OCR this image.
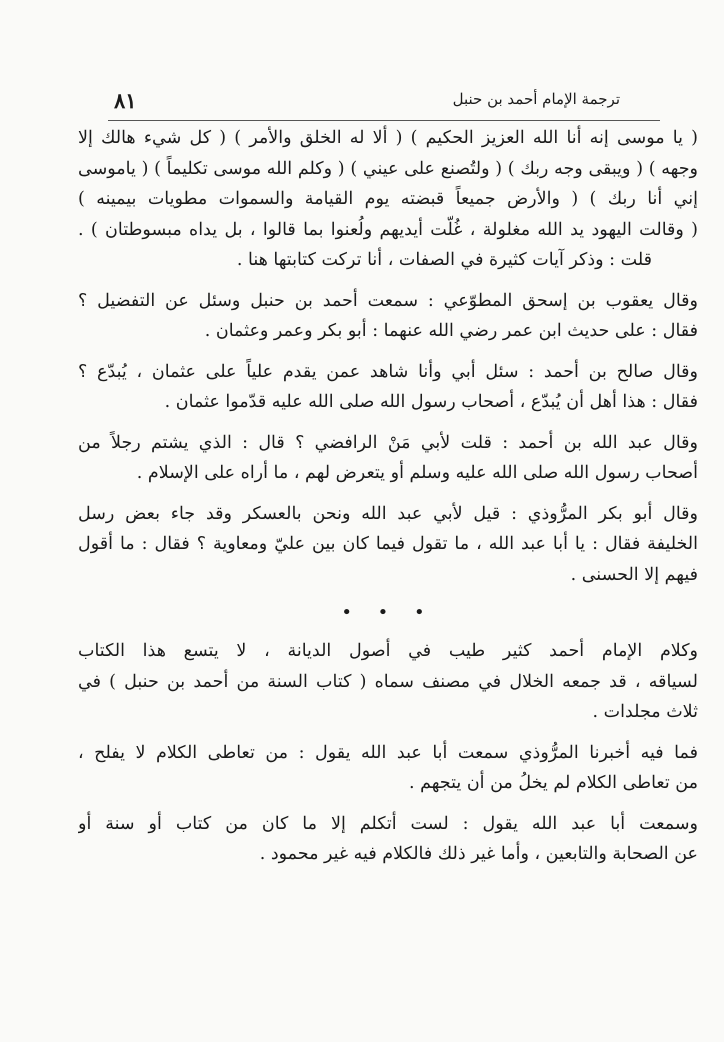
٨١	ترجمة الإمام أحمد بن حنبل
( يا موسى إنه أنا الله العزيز الحكيم ) ( ألا له الخلق والأمر ) ( كل شيء هالك إلا
وجهه ) ( ويبقى وجه ربك ) ( ولتُصنع على عيني ) ( وكلم الله موسى تكليماً ) ( ياموسى
إني أنا ربك ) ( والأرض جميعاً قبضته يوم القيامة والسموات مطويات بيمينه )
( وقالت اليهود يد الله مغلولة ، غُلّت أيديهم ولُعنوا بما قالوا ، بل يداه مبسوطتان ) .
قلت : وذكر آيات كثيرة في الصفات ، أنا تركت كتابتها هنا .
وقال يعقوب بن إسحق المطوّعي : سمعت أحمد بن حنبل وسئل عن التفضيل ؟
فقال : على حديث ابن عمر رضي الله عنهما : أبو بكر وعمر وعثمان .
وقال صالح بن أحمد : سئل أبي وأنا شاهد عمن يقدم علياً على عثمان ، يُبدّع ؟
فقال : هذا أهل أن يُبدّع ، أصحاب رسول الله صلى الله عليه قدّموا عثمان .
وقال عبد الله بن أحمد : قلت لأبي مَنْ الرافضي ؟ قال : الذي يشتم رجلاً من
أصحاب رسول الله صلى الله عليه وسلم أو يتعرض لهم ، ما أراه على الإسلام .
وقال أبو بكر المرُّوذي : قيل لأبي عبد الله ونحن بالعسكر وقد جاء بعض رسل
الخليفة فقال : يا أبا عبد الله ، ما تقول فيما كان بين عليّ ومعاوية ؟ فقال : ما أقول
فيهم إلا الحسنى .
• • •
وكلام الإمام أحمد كثير طيب في أصول الديانة ، لا يتسع هذا الكتاب
لسياقه ، قد جمعه الخلال في مصنف سماه ( كتاب السنة من أحمد بن حنبل ) في
ثلاث مجلدات .
فما فيه أخبرنا المرُّوذي سمعت أبا عبد الله يقول : من تعاطى الكلام لا يفلح ،
من تعاطى الكلام لم يخلُ من أن يتجهم .
وسمعت أبا عبد الله يقول : لست أتكلم إلا ما كان من كتاب أو سنة أو
عن الصحابة والتابعين ، وأما غير ذلك فالكلام فيه غير محمود .
